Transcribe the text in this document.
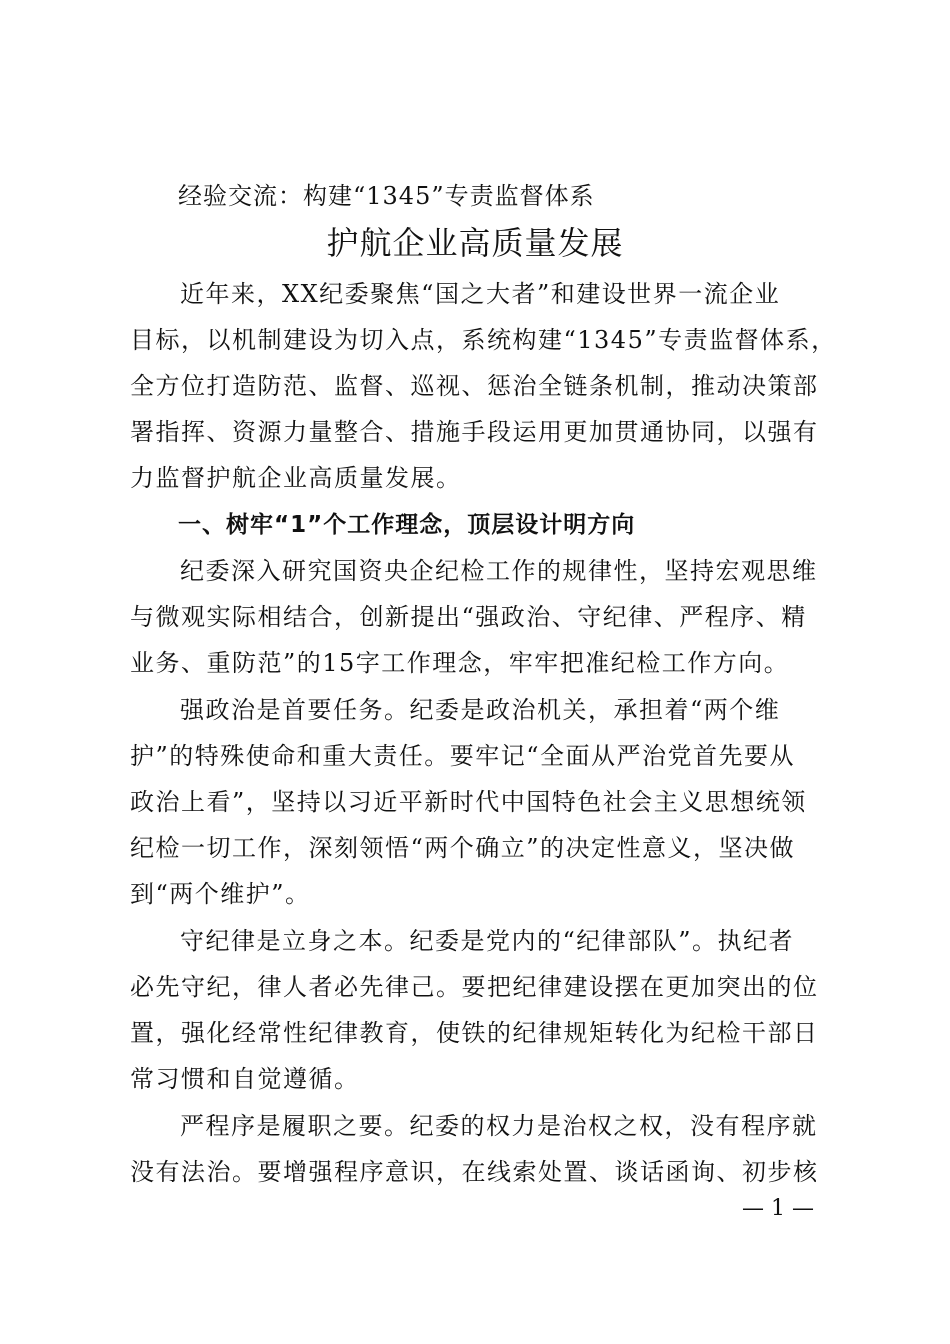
经验交流：构建“1345”专责监督体系
护航企业高质量发展
近年来，XX纪委聚焦“国之大者”和建设世界一流企业
目标，以机制建设为切入点，系统构建“1345”专责监督体系，
全方位打造防范、监督、巡视、惩治全链条机制，推动决策部
署指挥、资源力量整合、措施手段运用更加贯通协同，以强有
力监督护航企业高质量发展。
一、树牢“1”个工作理念，顶层设计明方向
纪委深入研究国资央企纪检工作的规律性，坚持宏观思维
与微观实际相结合，创新提出“强政治、守纪律、严程序、精
业务、重防范”的15字工作理念，牢牢把准纪检工作方向。
强政治是首要任务。纪委是政治机关，承担着“两个维
护”的特殊使命和重大责任。要牢记“全面从严治党首先要从
政治上看”，坚持以习近平新时代中国特色社会主义思想统领
纪检一切工作，深刻领悟“两个确立”的决定性意义，坚决做
到“两个维护”。
守纪律是立身之本。纪委是党内的“纪律部队”。执纪者
必先守纪，律人者必先律己。要把纪律建设摆在更加突出的位
置，强化经常性纪律教育，使铁的纪律规矩转化为纪检干部日
常习惯和自觉遵循。
严程序是履职之要。纪委的权力是治权之权，没有程序就
没有法治。要增强程序意识，在线索处置、谈话函询、初步核
— 1 —
